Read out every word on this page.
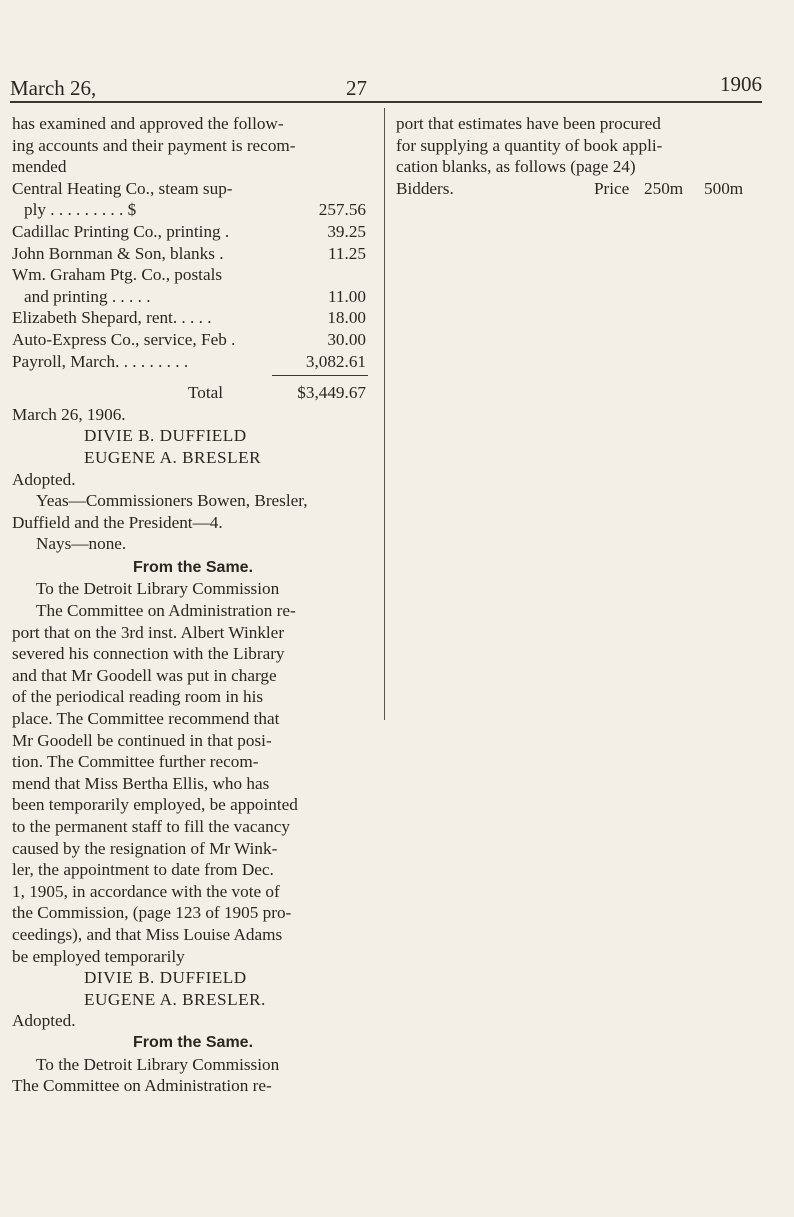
March 26,	27	1906
has examined and approved the follow-
ing accounts and their payment is recom-
mended
Central Heating Co., steam sup-
ply . . . . . . . . . $	257.56
Cadillac Printing Co., printing .	39.25
John Bornman & Son, blanks .	11.25
Wm. Graham Ptg. Co., postals
and printing . . . . .	11.00
Elizabeth Shepard, rent. . . . .	18.00
Auto-Express Co., service, Feb .	30.00
Payroll, March. . . . . . . . .	3,082.61
Total	$3,449.67
March 26, 1906.
DIVIE B. DUFFIELD
EUGENE A. BRESLER
Adopted.
Yeas—Commissioners Bowen, Bresler,
Duffield and the President—4.
Nays—none.
From the Same.
To the Detroit Library Commission
The Committee on Administration re-
port that on the 3rd inst. Albert Winkler
severed his connection with the Library
and that Mr Goodell was put in charge
of the periodical reading room in his
place. The Committee recommend that
Mr Goodell be continued in that posi-
tion. The Committee further recom-
mend that Miss Bertha Ellis, who has
been temporarily employed, be appointed
to the permanent staff to fill the vacancy
caused by the resignation of Mr Wink-
ler, the appointment to date from Dec.
1, 1905, in accordance with the vote of
the Commission, (page 123 of 1905 pro-
ceedings), and that Miss Louise Adams
be employed temporarily
DIVIE B. DUFFIELD
EUGENE A. BRESLER.
Adopted.
From the Same.
To the Detroit Library Commission
The Committee on Administration re-
port that estimates have been procured
for supplying a quantity of book appli-
cation blanks, as follows (page 24)
Bidders.	Price 250m 500m
